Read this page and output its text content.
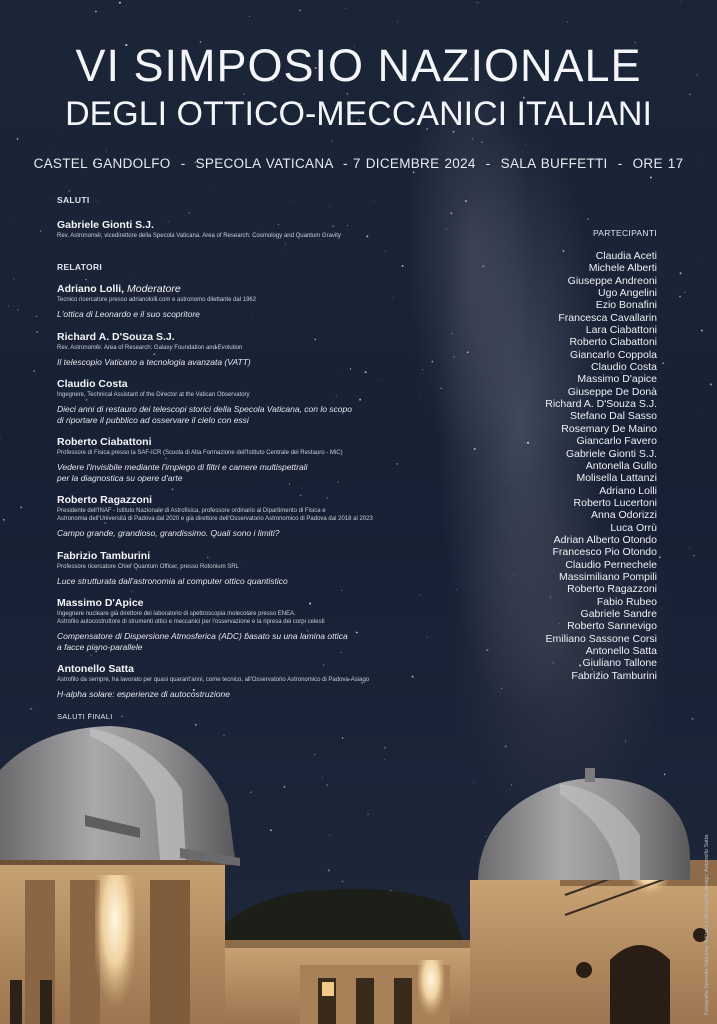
VI SIMPOSIO NAZIONALE
DEGLI OTTICO-MECCANICI ITALIANI
CASTEL GANDOLFO  -  SPECOLA VATICANA  - 7 DICEMBRE 2024  -  SALA BUFFETTI  -  ORE 17
SALUTI
Gabriele Gionti S.J.
Rev. Astronomer, vicedirettore della Specola Vaticana. Area of Research: Cosmology and Quantum Gravity
RELATORI
Adriano Lolli, Moderatore
Tecnico ricercatore presso adrianololli.com e astronomo dilettante dal 1962
L'ottica di Leonardo e il suo scopritore
Richard A. D'Souza S.J.
Rev. Astronomer. Area of Research: Galaxy Foundation and Evolution
Il telescopio Vaticano a tecnologia avanzata (VATT)
Claudio Costa
Ingegnere, Technical Assistant of the Director at the Vatican Observatory
Dieci anni di restauro dei telescopi storici della Specola Vaticana, con lo scopo
di riportare il pubblico ad osservare il cielo con essi
Roberto Ciabattoni
Professore di Fisica presso la SAF-ICR (Scuola di Alta Formazione dell'Istituto Centrale del Restauro - MiC)
Vedere l'invisibile mediante l'impiego di filtri e camere multispettrali
per la diagnostica su opere d'arte
Roberto Ragazzoni
Presidente dell'INAF - Istituto Nazionale di Astrofisica, professore ordinario al Dipartimento di Fisica e
Astronomia dell'Università di Padova dal 2020 e già direttore dell'Osservatorio Astronomico di Padova dal 2018 al 2023
Campo grande, grandioso, grandissimo. Quali sono i limiti?
Fabrizio Tamburini
Professore ricercatore Chief Quantum Officer, presso Rotonium SRL
Luce strutturata dall'astronomia al computer ottico quantistico
Massimo D'Apice
Ingegnere nucleare già direttore del laboratorio di spettroscopia molecolare presso ENEA.
Astrofilo autocostruttore di strumenti ottici e meccanici per l'osservazione e la ripresa dei corpi celesti
Compensatore di Dispersione Atmosferica (ADC) basato su una lamina ottica
a facce piano-parallele
Antonello Satta
Astrofilo da sempre, ha lavorato per quasi quarant'anni, come tecnico, all'Osservatorio Astronomico di Padova-Asiago
H-alpha solare: esperienze di autocostruzione
SALUTI FINALI
PARTECIPANTI
Claudia Aceti
Michele Alberti
Giuseppe Andreoni
Ugo Angelini
Ezio Bonafini
Francesca Cavallarin
Lara Ciabattoni
Roberto Ciabattoni
Giancarlo Coppola
Claudio Costa
Massimo D'apice
Giuseppe De Donà
Richard A. D'Souza S.J.
Stefano Dal Sasso
Rosemary De Maino
Giancarlo Favero
Gabriele Gionti S.J.
Antonella Gullo
Molisella Lattanzi
Adriano Lolli
Roberto Lucertoni
Anna Odorizzi
Luca Orrù
Adrian Alberto Otondo
Francesco Pio Otondo
Claudio Pernechele
Massimiliano Pompili
Roberto Ragazzoni
Fabio Rubeo
Gabriele Sandre
Roberto Sannevigo
Emiliano Sassone Corsi
Antonello Satta
Giuliano Tallone
Fabrizio Tamburini
Fotografia Specola Vaticana: Adriano Lolli Graphic design: Antonello Satta
